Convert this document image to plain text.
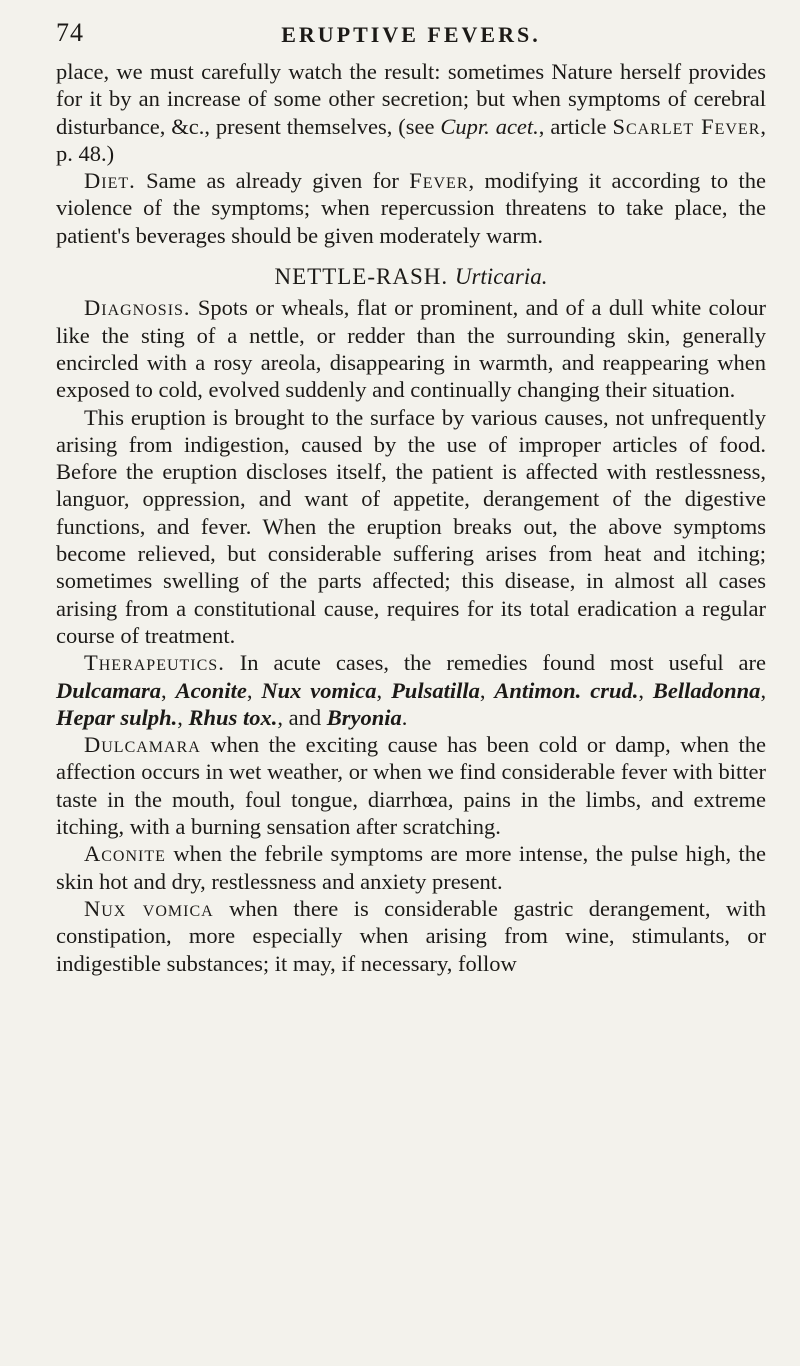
74	ERUPTIVE FEVERS.

place, we must carefully watch the result: sometimes Nature herself provides for it by an increase of some other secretion; but when symptoms of cerebral disturbance, &c., present themselves, (see Cupr. acet., article Scarlet Fever, p. 48.)

Diet. Same as already given for Fever, modifying it according to the violence of the symptoms; when repercussion threatens to take place, the patient's beverages should be given moderately warm.

NETTLE-RASH. Urticaria.

Diagnosis. Spots or wheals, flat or prominent, and of a dull white colour like the sting of a nettle, or redder than the surrounding skin, generally encircled with a rosy areola, disappearing in warmth, and reappearing when exposed to cold, evolved suddenly and continually changing their situation.

This eruption is brought to the surface by various causes, not unfrequently arising from indigestion, caused by the use of improper articles of food. Before the eruption discloses itself, the patient is affected with restlessness, languor, oppression, and want of appetite, derangement of the digestive functions, and fever. When the eruption breaks out, the above symptoms become relieved, but considerable suffering arises from heat and itching; sometimes swelling of the parts affected; this disease, in almost all cases arising from a constitutional cause, requires for its total eradication a regular course of treatment.

Therapeutics. In acute cases, the remedies found most useful are Dulcamara, Aconite, Nux vomica, Pulsatilla, Antimon. crud., Belladonna, Hepar sulph., Rhus tox., and Bryonia.

Dulcamara when the exciting cause has been cold or damp, when the affection occurs in wet weather, or when we find considerable fever with bitter taste in the mouth, foul tongue, diarrhœa, pains in the limbs, and extreme itching, with a burning sensation after scratching.

Aconite when the febrile symptoms are more intense, the pulse high, the skin hot and dry, restlessness and anxiety present.

Nux vomica when there is considerable gastric derangement, with constipation, more especially when arising from wine, stimulants, or indigestible substances; it may, if necessary, follow
